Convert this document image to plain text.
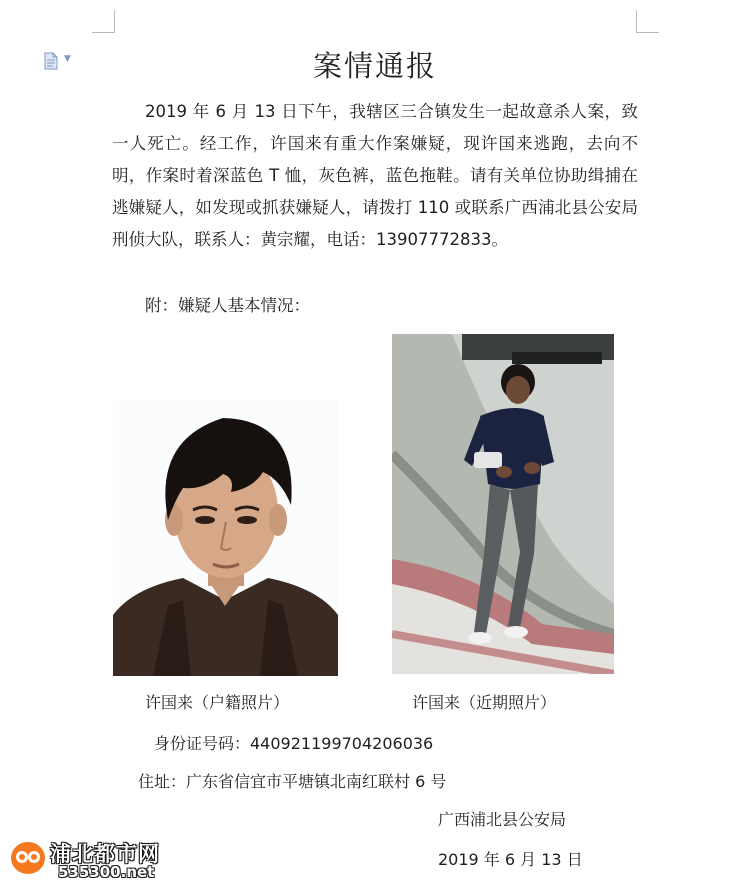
▼	案情通报

2019 年 6 月 13 日下午，我辖区三合镇发生一起故意杀人案，致一人死亡。经工作，许国来有重大作案嫌疑，现许国来逃跑，去向不明，作案时着深蓝色 T 恤，灰色裤，蓝色拖鞋。请有关单位协助缉捕在逃嫌疑人，如发现或抓获嫌疑人，请拨打 110 或联系广西浦北县公安局刑侦大队，联系人：黄宗耀，电话：13907772833。

附：嫌疑人基本情况：
许国来（户籍照片）	许国来（近期照片）
身份证号码：440921199704206036
住址：广东省信宜市平塘镇北南红联村 6 号
广西浦北县公安局
2019 年 6 月 13 日
浦北都市网
535300.net
